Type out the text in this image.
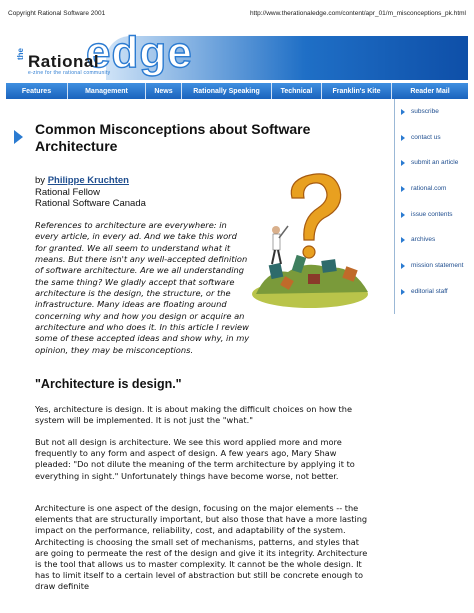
Copyright Rational Software 2001	http://www.therationaledge.com/content/apr_01/m_misconceptions_pk.html
the edge
Rational
e-zine for the rational community
Features	Management	News	Rationally Speaking	Technical	Franklin's Kite	Reader Mail
subscribe
contact us
submit an article
rational.com
issue contents
archives
mission statement
editorial staff
Common Misconceptions about Software Architecture
by Philippe Kruchten
Rational Fellow
Rational Software Canada

References to architecture are everywhere: in every article, in every ad. And we take this word for granted. We all seem to understand what it means. But there isn't any well-accepted definition of software architecture. Are we all understanding the same thing? We gladly accept that software architecture is the design, the structure, or the infrastructure. Many ideas are floating around concerning why and how you design or acquire an architecture and who does it. In this article I review some of these accepted ideas and show why, in my opinion, they may be misconceptions.

"Architecture is design."

Yes, architecture is design. It is about making the difficult choices on how the system will be implemented. It is not just the "what."

But not all design is architecture. We see this word applied more and more frequently to any form and aspect of design. A few years ago, Mary Shaw pleaded: "Do not dilute the meaning of the term architecture by applying it to everything in sight." Unfortunately things have become worse, not better.

Architecture is one aspect of the design, focusing on the major elements -- the elements that are structurally important, but also those that have a more lasting impact on the performance, reliability, cost, and adaptability of the system. Architecting is choosing the small set of mechanisms, patterns, and styles that are going to permeate the rest of the design and give it its integrity. Architecture is the tool that allows us to master complexity. It cannot be the whole design. It has to limit itself to a certain level of abstraction but still be concrete enough to draw definite
